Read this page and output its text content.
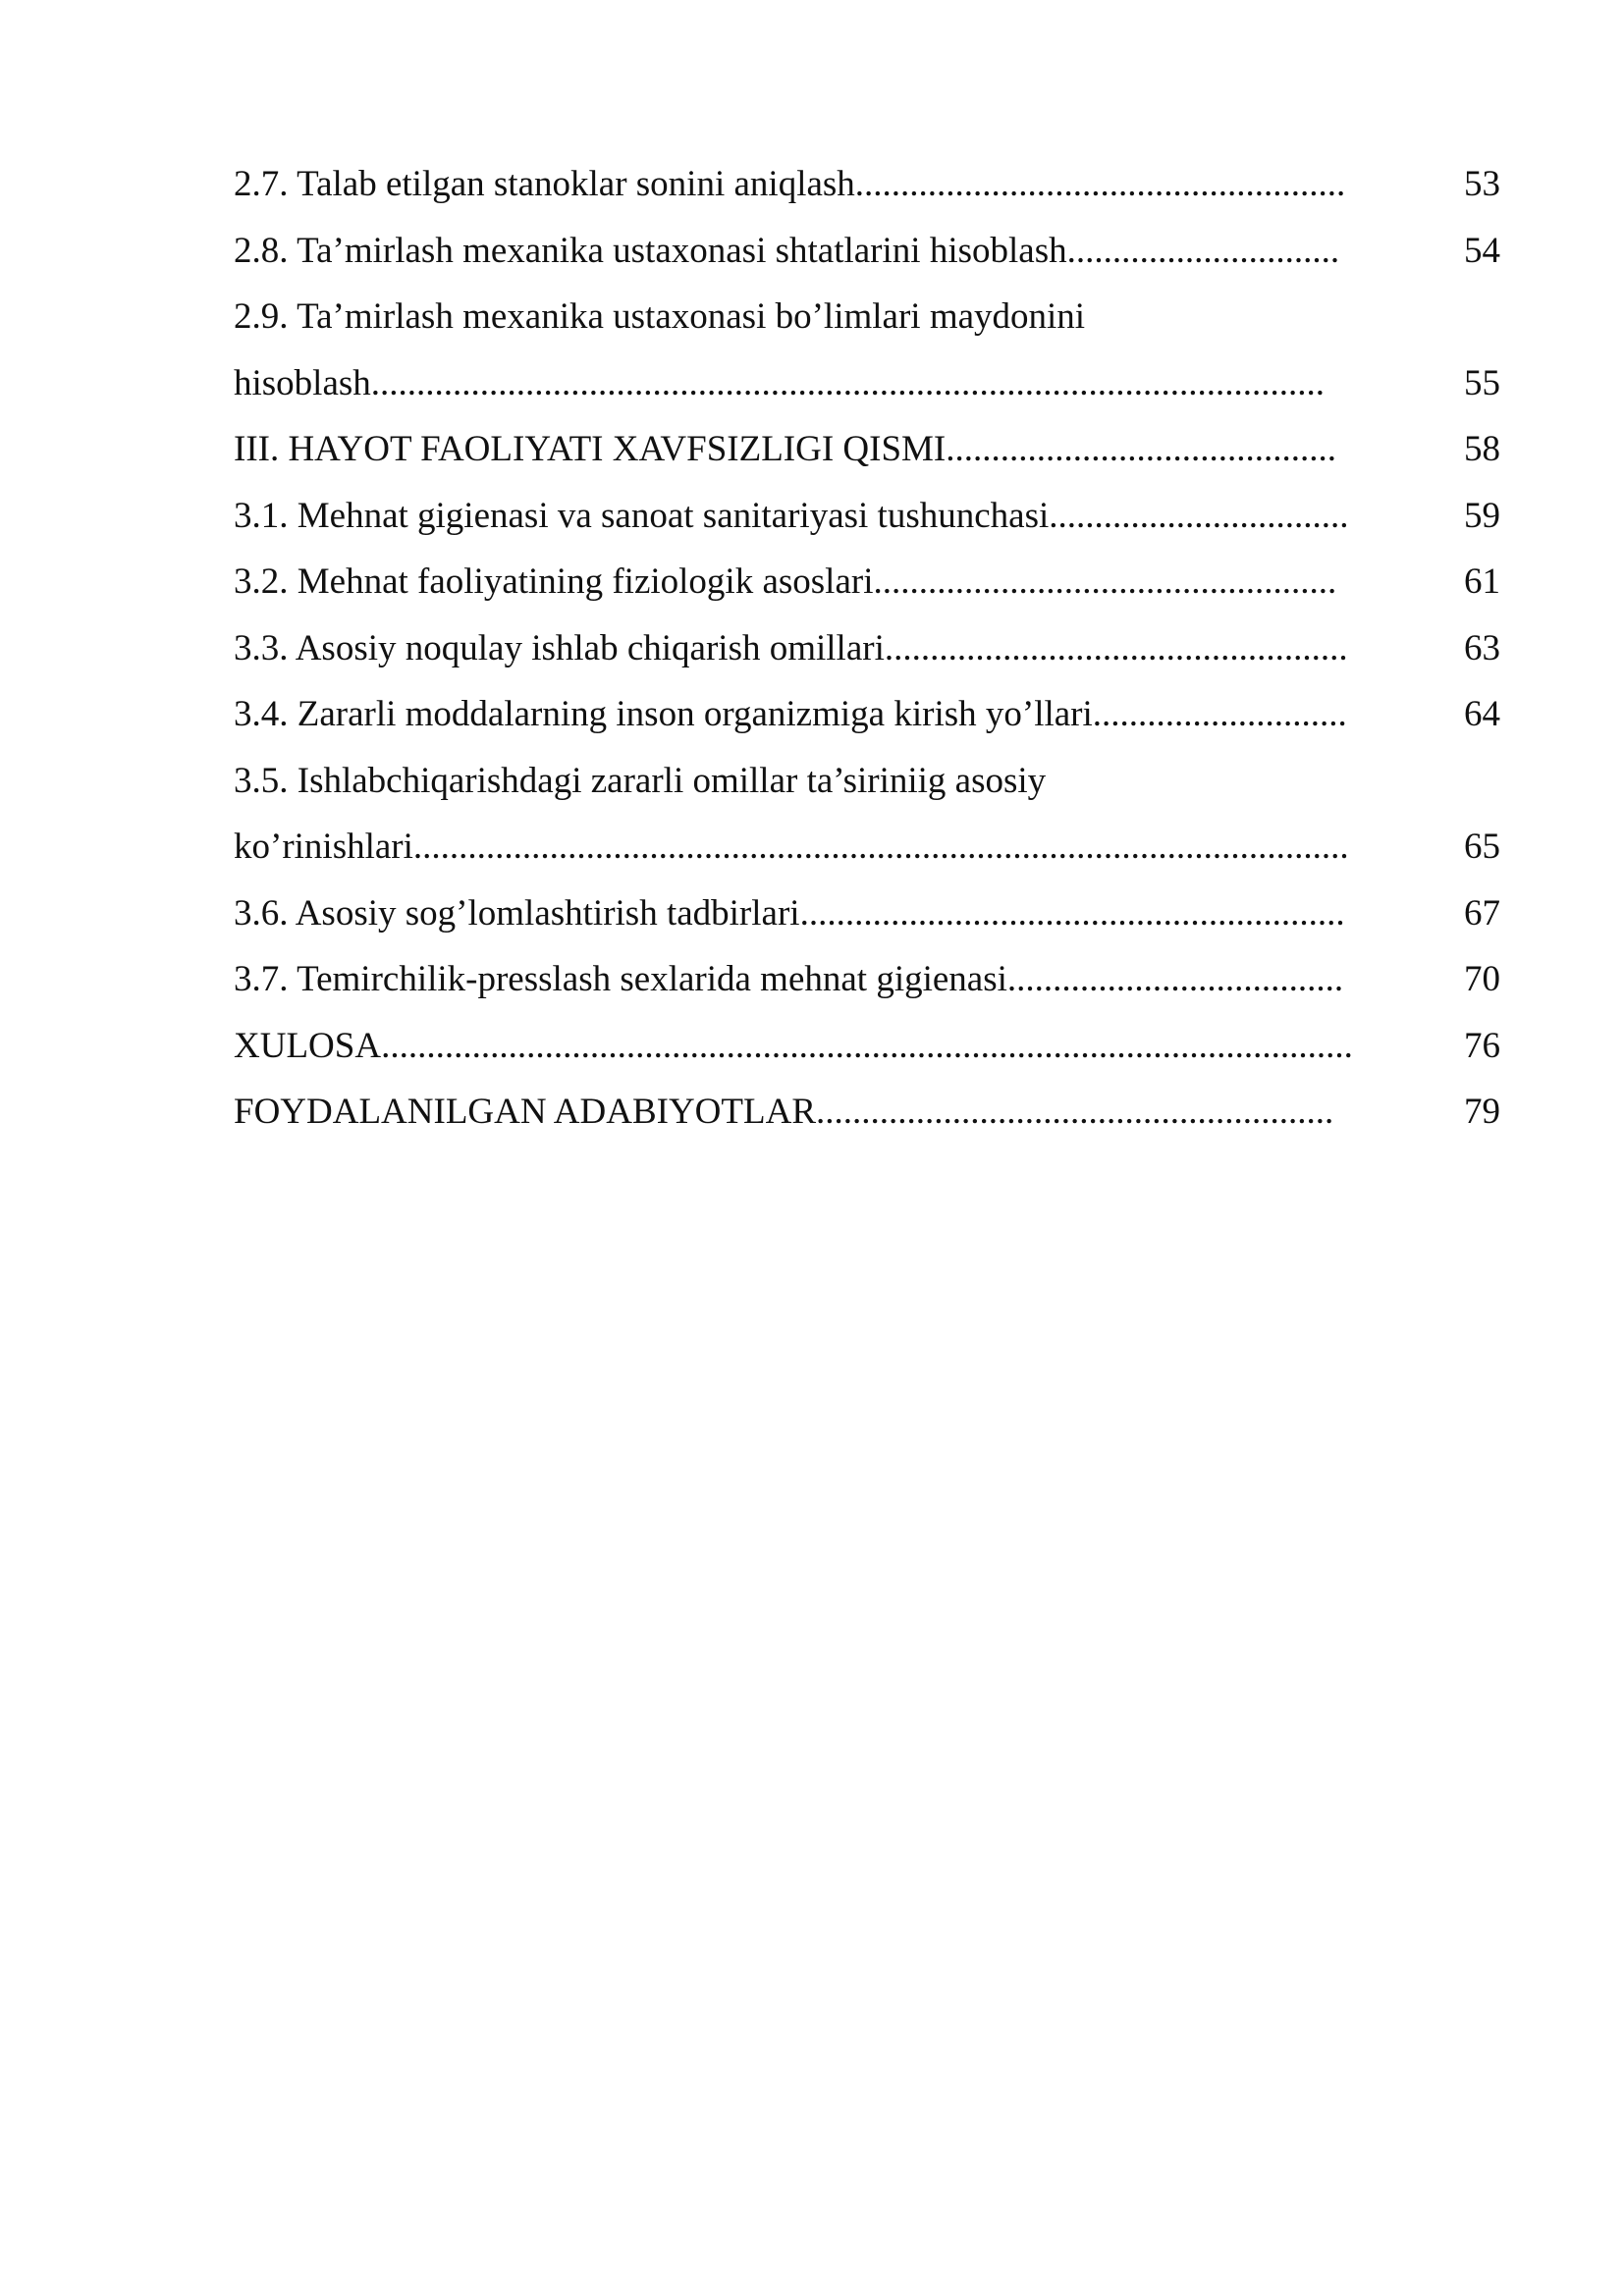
2.7. Talab etilgan stanoklar sonini aniqlash ......................................................	53
2.8. Ta’mirlash mexanika ustaxonasi shtatlarini hisoblash ..............................	54
2.9. Ta’mirlash mexanika ustaxonasi bo’limlari maydonini
hisoblash .........................................................................................................	55
III. HAYOT FAOLIYATI XAVFSIZLIGI QISMI ...........................................	58
3.1. Mehnat gigienasi va sanoat sanitariyasi tushunchasi .................................	59
3.2. Mehnat faoliyatining fiziologik asoslari ...................................................	61
3.3. Asosiy noqulay ishlab chiqarish omillari ...................................................	63
3.4. Zararli moddalarning inson organizmiga kirish yo’llari ............................	64
3.5. Ishlabchiqarishdagi zararli omillar ta’siriniig asosiy
ko’rinishlari .......................................................................................................	65
3.6. Asosiy sog’lomlashtirish tadbirlari ............................................................	67
3.7. Temirchilik-presslash sexlarida mehnat gigienasi .....................................	70
XULOSA ...........................................................................................................	76
FOYDALANILGAN ADABIYOTLAR .........................................................	79
